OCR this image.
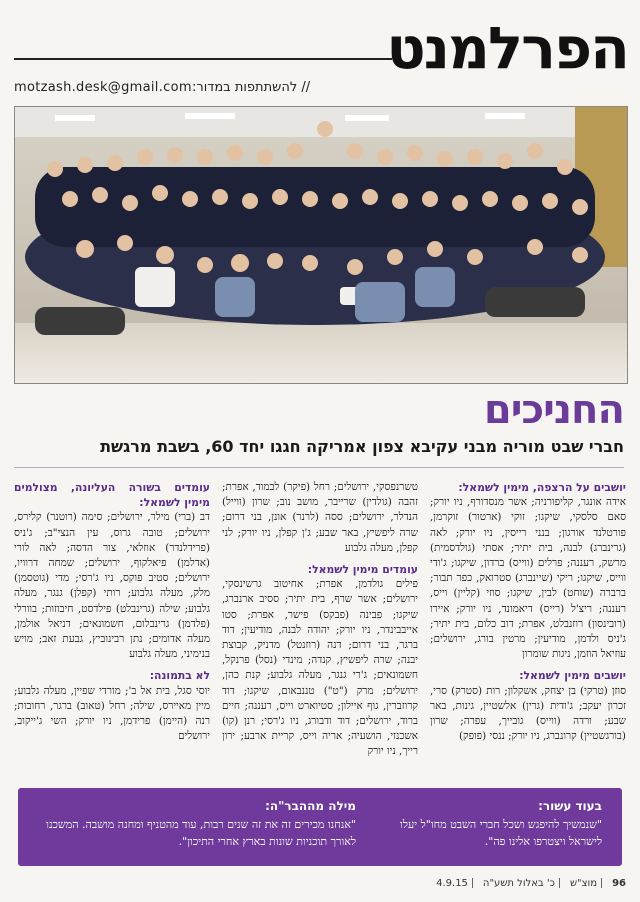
הפרלמנט
motzash.desk@gmail.com // להשתתפות במדור:
החניכים
חברי שבט מוריה מבני עקיבא צפון אמריקה חגגו יחד 60, בשבת מרגשת
יושבים על הרצפה, מימין לשמאל:

אידה אונגר, קליפורניה; אשר מנסדורף, ניו יורק; סאם סלסקי, שיקגו; זוקי (ארטור) זוקרמן, פורטלנד אורגון; בנני רייסין, ניו יורק; לאה (גרינברג) לבנה, בית יתיר; אסתי (גולדסמית) מרשק, רעננה; פרלים (ווייס) ברדון, שיקגו; ג'ודי ווייס, שיקגו; ריקי (שיינברג) סטרואק, כפר תבור; ברברה (שוחט) לבין, שיקגו; סוזי (קליין) וייס, רעננה; ריצ'ל (רייס) דיאמונד, ניו יורק; איירו (רובינסון) רוזנבלט, אפרת; דוב כלום, בית יתיר; ג'ניס ולדמן, מודיעין; מרטין בורג, ירושלים; עוזיאל הוזמן, ניגות שומרון

יושבים מימין לשמאל:

סוזן (טרקי) בן יצחק, אשקלון; רות (סטרק) סרי, זכרון יעקב; ג'ודית (גרין) אלשטיין, גינות, באר שבע; ורדה (ווייס) גובייך, עפרה; שרון (בורגשטיין) קרונברג, ניו יורק; ננסי (פופק)

טשרנפסקי, ירושלים; רחל (פיקר) לבמוד, אפרת; זהבה (גולדין) שרייבר, מושב נוב; שרון (ווייל) הנדלר, ירושלים; ססה (לרנר) אונן, בני דרום; שרה ליפשיץ, באר שבע; ג'ן קפלן, ניו יורק; לני קפלן, מעלה גלבוע

עומדים מימין לשמאל:

פילים גולדמן, אפרת; אחיטוב גרשינסקי, ירושלים; אשר שרף, בית יתיר; ססיב ארנברג, שיקגו; פבינה (פבקס) פישר, אפרת; סטו אייבבינדר, ניו יורק; יהודה לבנה, מודיעין; דוד ברגר, בני דרום; דנה (רוזנטל) מדניק, קבוצת יבנה; שרה ליפשיץ, קנדה; מינדי (נסל) פרנקל, חשמונאים; ג'רי גנגר, מעלה גלבוע; קנת כהן, ירושלים; מרק ("ט") טננבאום, שיקגו; דוד קרוזברין, גוף איילון; סטיוארט וייס, רעננה; חיים ברוד, ירושלים; דוד ודבורג, ניו ג'רסי; רנן (קו) אשכנזי, הושעיה; אריה וייס, קריית ארבע; ירון רייך, ניו יורק

עומדים בשורה העליונה, מצולמים מימין לשמאל:

דב (ברי) מילר, ירושלים; סימה (רוטנר) קלירס, ירושלים; טובה גרוס, עין הנצי"ב; ג'ניס (פרידלנדר) אוזלאי, צור הדסה; לאה לורי (אדלמן) פיאלקוף, ירושלים; שמחה דרוויו, ירושלים; סטיב פוקס, ניו ג'רסי; מדי (גוטסמן) מלק, מעלה גלבוע; רותי (קפלן) גנגר, מעלה גלבוע; שילה (גרינבלט) פילדסט, חיבוזות; בוורלי (פלדמן) גרינבלום, חשמונאים; דניאל אולמן, מעלה אדומים; נתן רבינוביץ, גבעת זאב; מויש בנימיני, מעלה גלבוע

לא בתמונה:

יוסי סגל, בית אל ב'; מורדי שפיין, מעלה גלבוע; מיין מאיירס, שילה; רחל (טאוב) ברגר, רחובות; רנה (היימן) פרידמן, ניו יורק; השי ג'ייקוב, ירושלים

בעוד עשור:
"שנמשיך להיפגש ושכל חברי השבט מחו"ל יעלו לישראל ויצטרפו אלינו פה".
מילה מההבר"ה:
"אנחנו מכירים זה את זה שנים רבות, עוד מהטניף ומחנה מושבה. המשכנו לאורך תוכניות שונות בארץ אחרי התיכון".
96מוצ"שכ' באלול תשע"ה4.9.15
